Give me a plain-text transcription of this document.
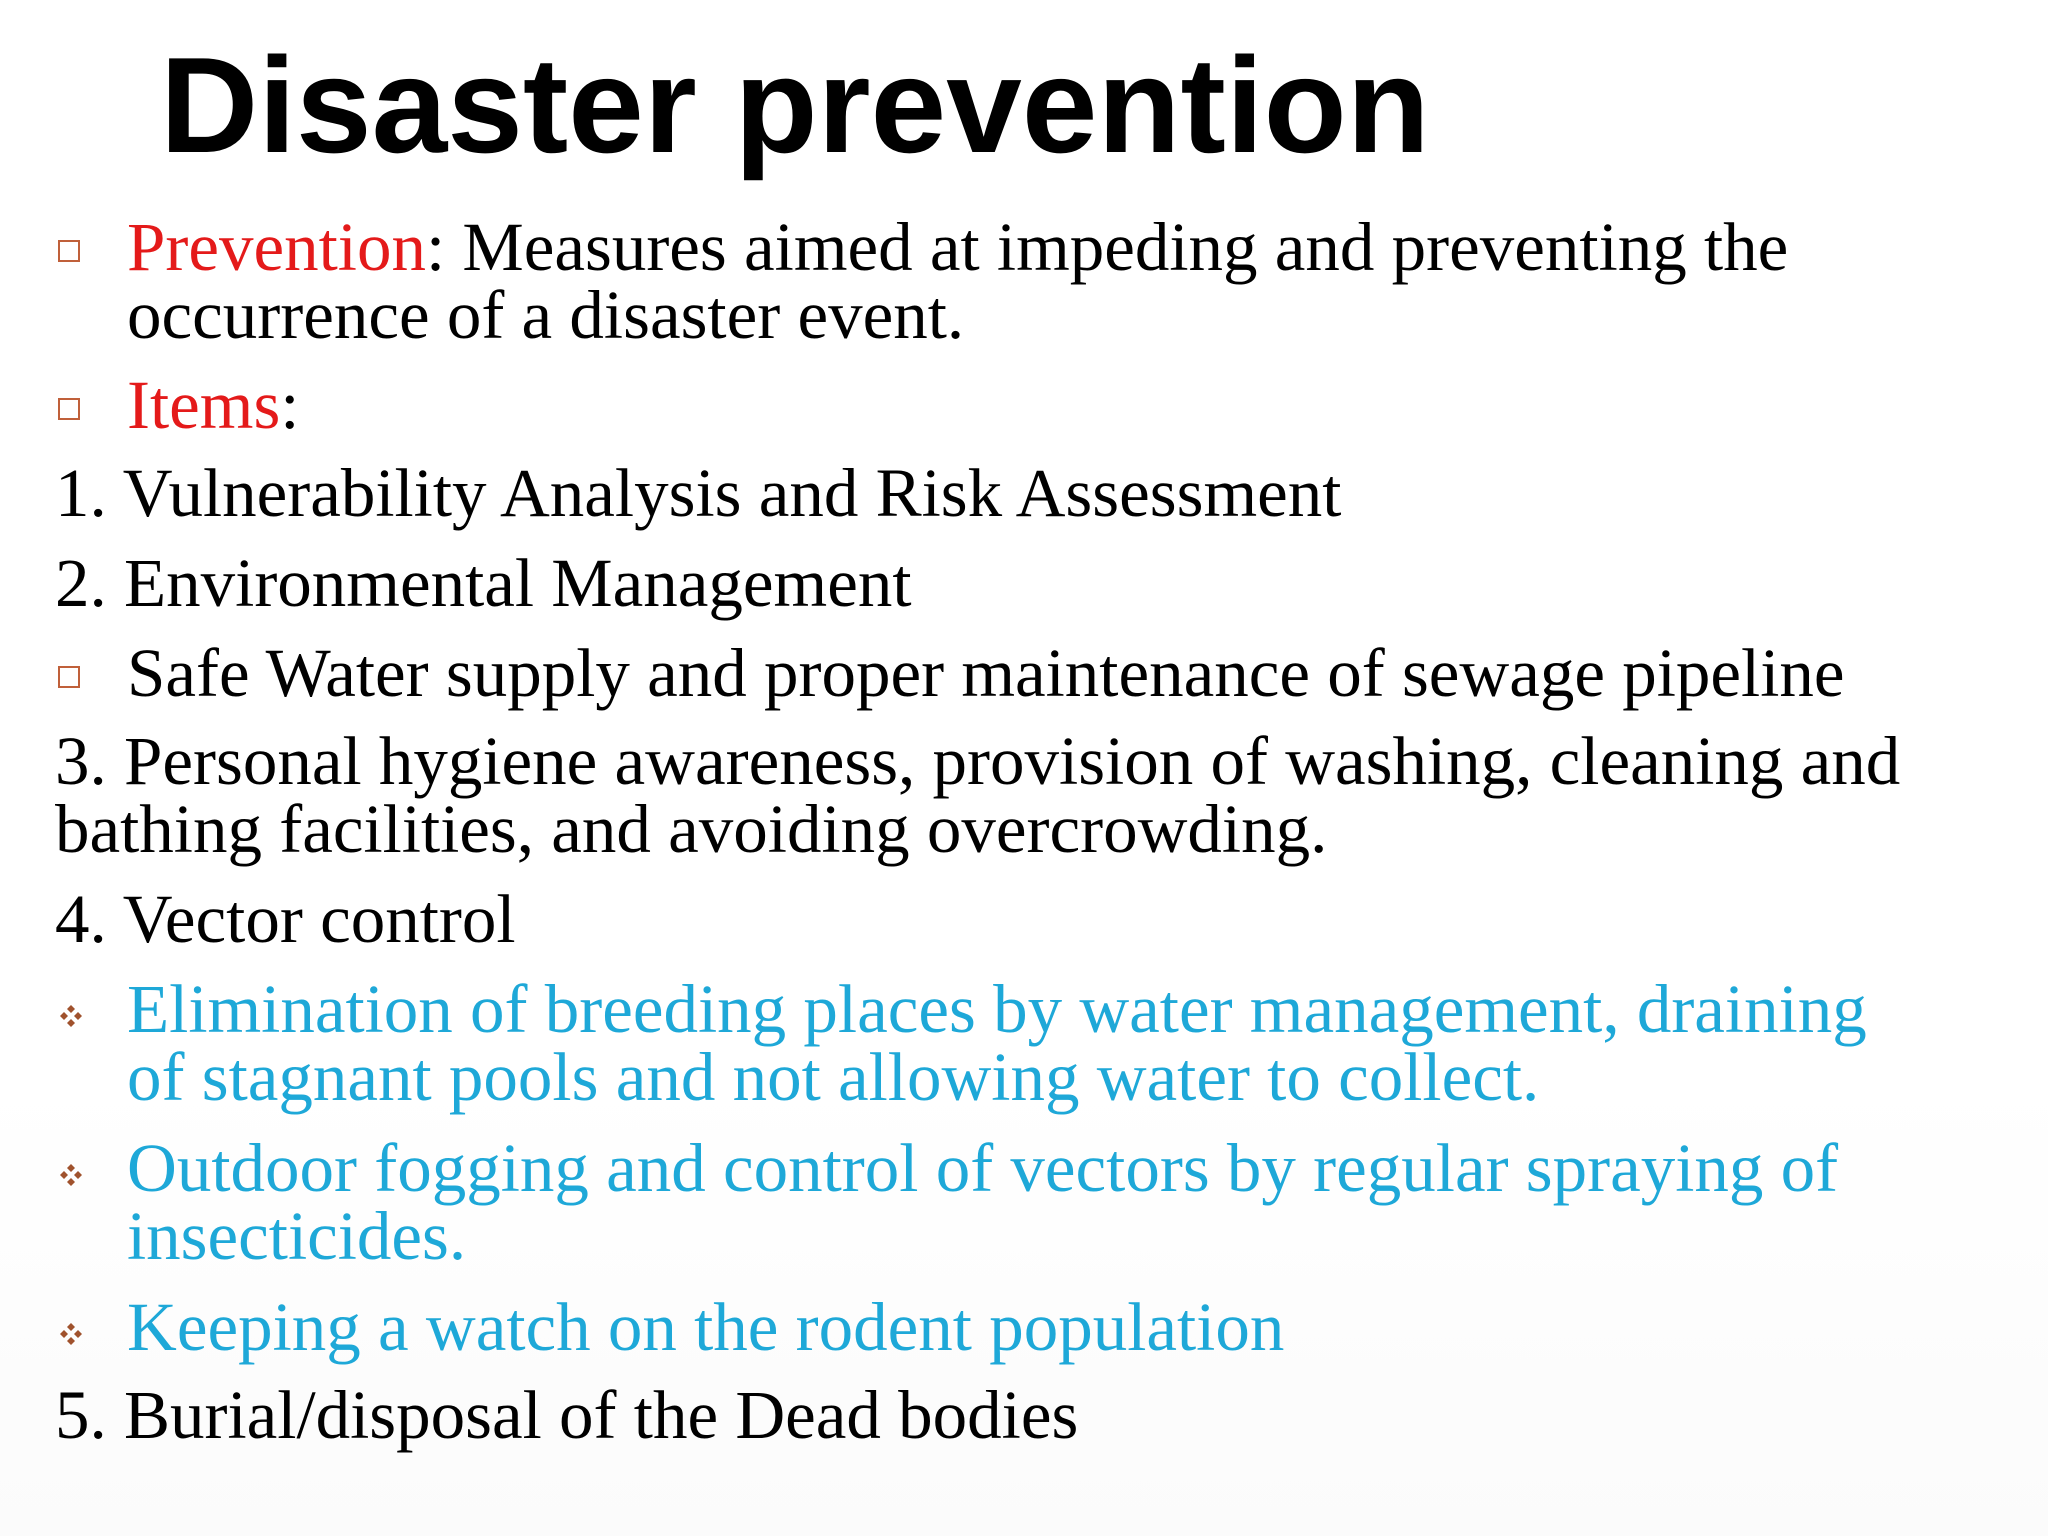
Disaster prevention
Prevention: Measures aimed at impeding and preventing the
occurrence of a disaster event.
Items:
1. Vulnerability Analysis and Risk Assessment
2. Environmental Management
Safe Water supply and proper maintenance of sewage pipeline
3. Personal hygiene awareness, provision of washing, cleaning and
bathing facilities, and avoiding overcrowding.
4. Vector control
Elimination of breeding places by water management, draining
of stagnant pools and not allowing water to collect.
Outdoor fogging and control of vectors by regular spraying of
insecticides.
Keeping a watch on the rodent population
5. Burial/disposal of the Dead bodies
